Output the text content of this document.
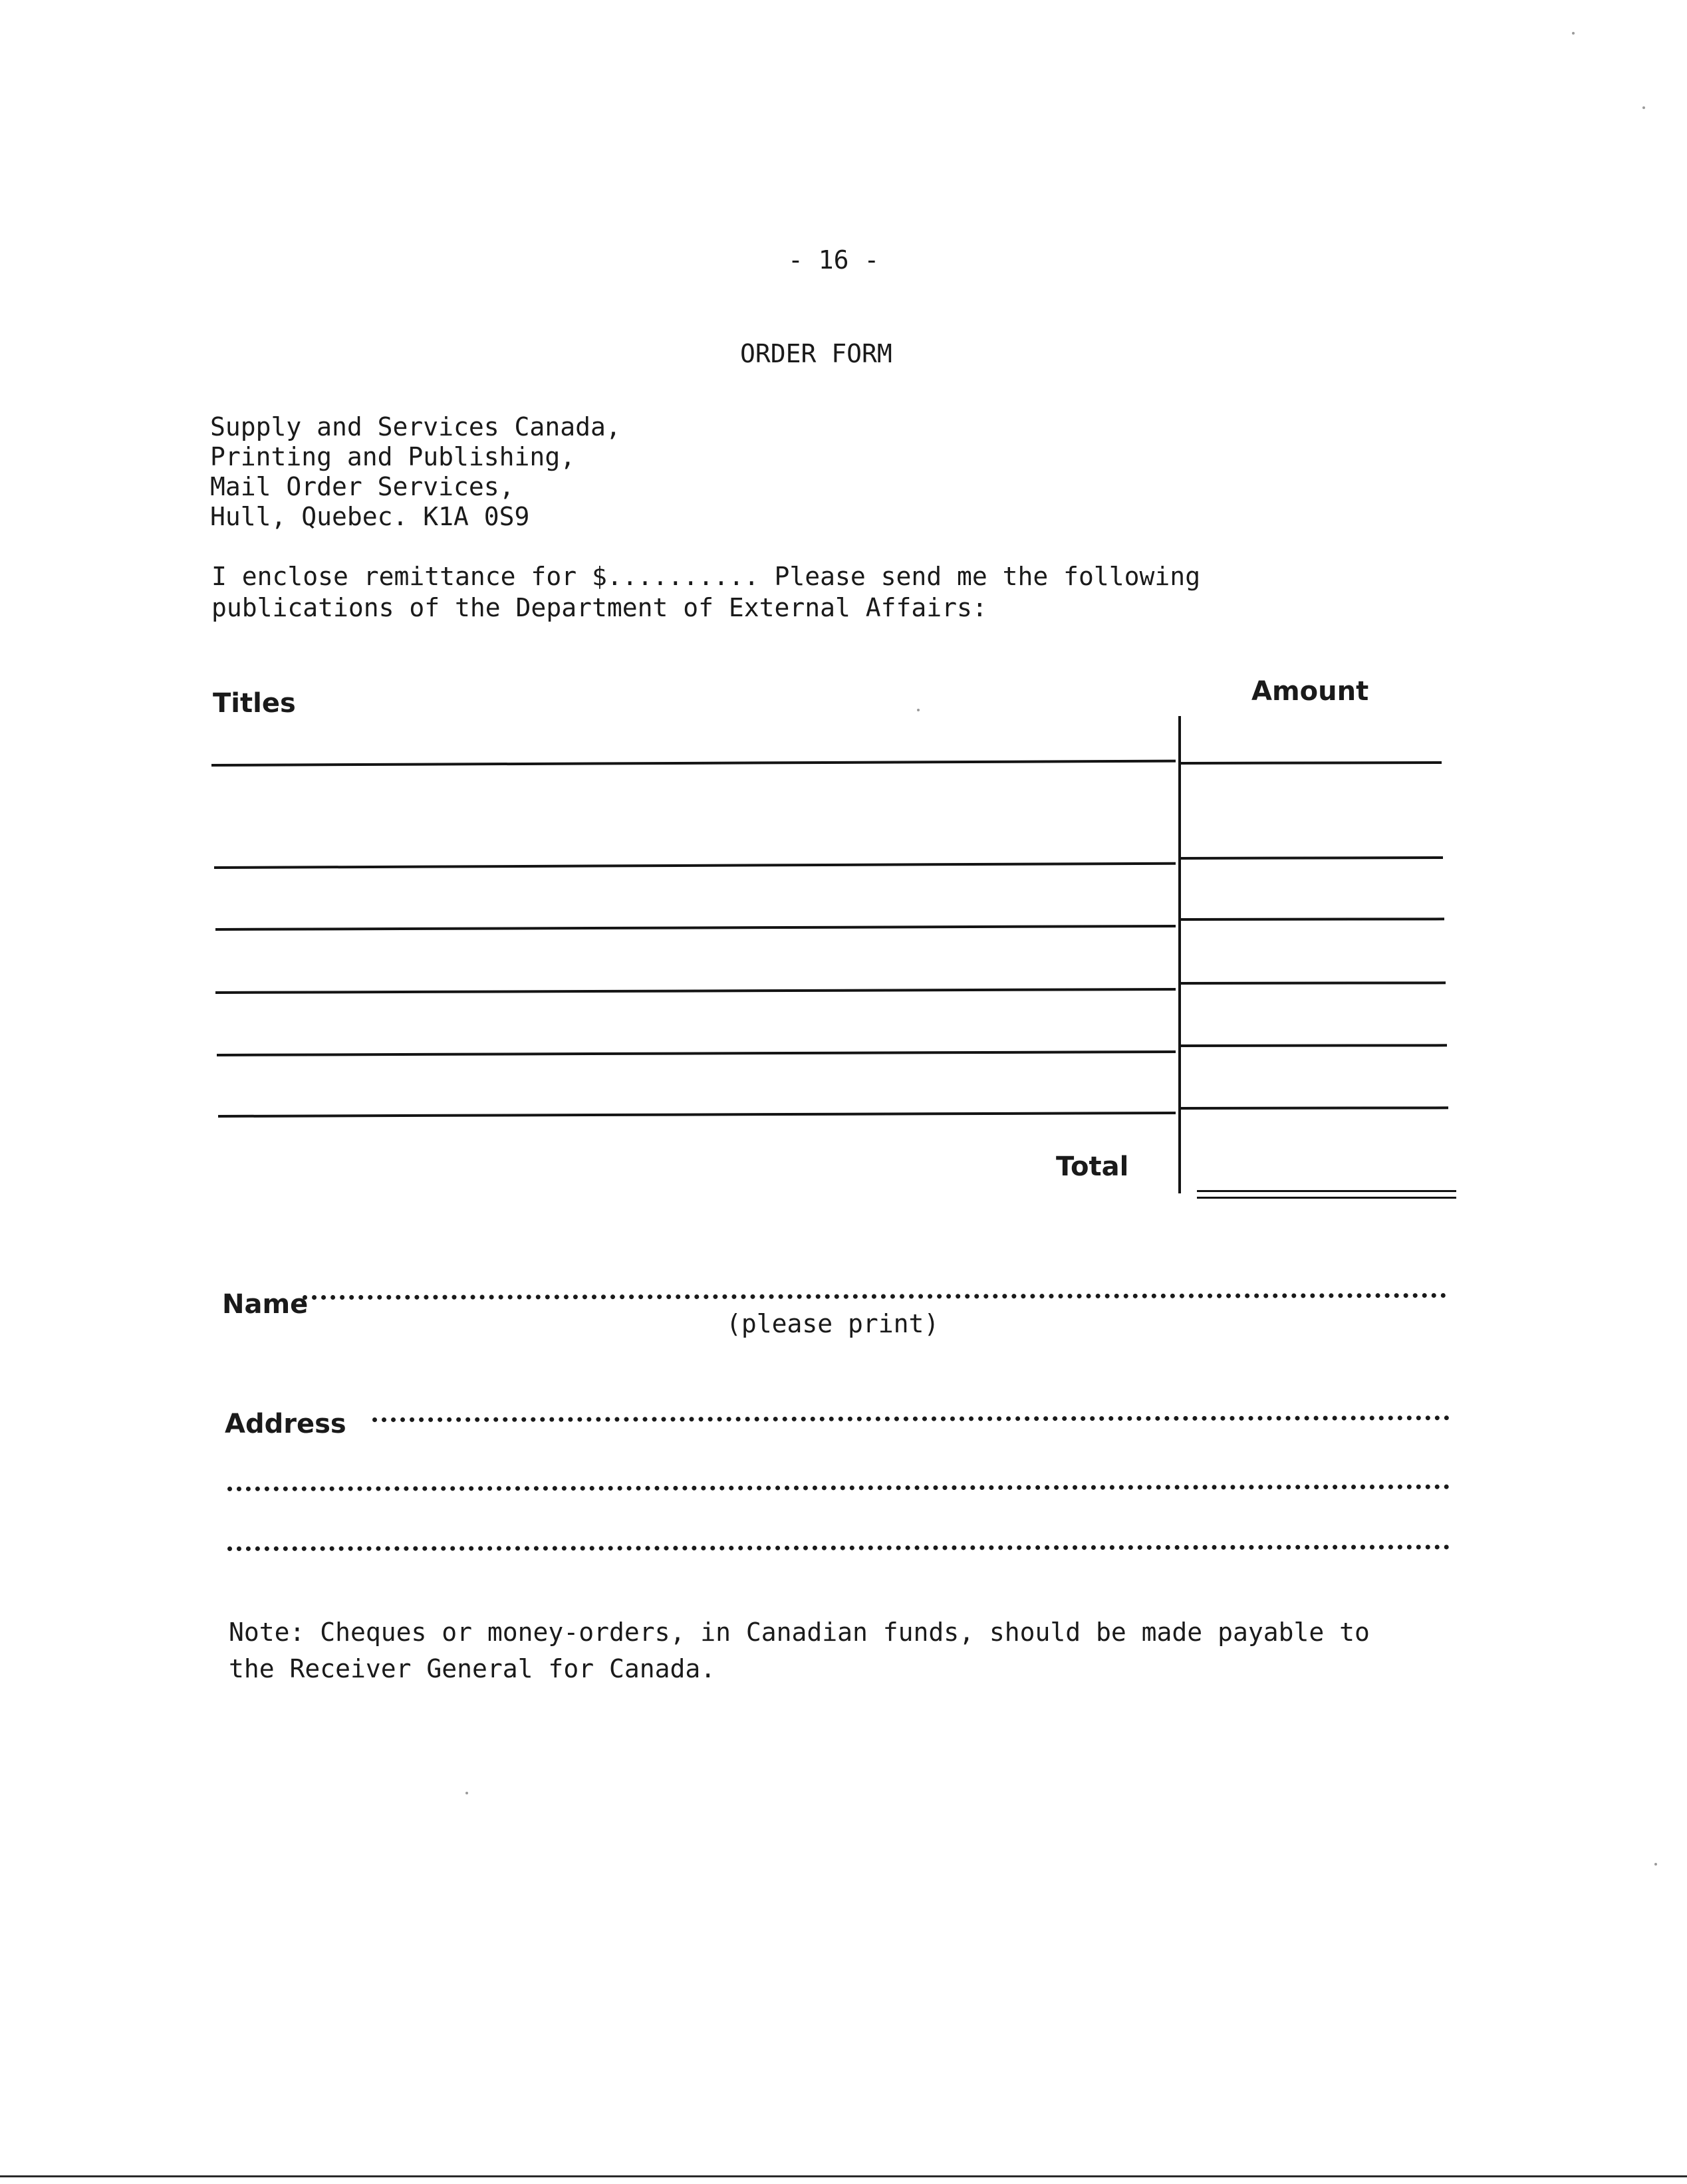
- 16 -
ORDER FORM
Supply and Services Canada,
Printing and Publishing,
Mail Order Services,
Hull, Quebec. K1A 0S9
I enclose remittance for $.......... Please send me the following
publications of the Department of External Affairs:
Titles	Amount
Total
Name
(please print)
Address
Note: Cheques or money-orders, in Canadian funds, should be made payable to
the Receiver General for Canada.
